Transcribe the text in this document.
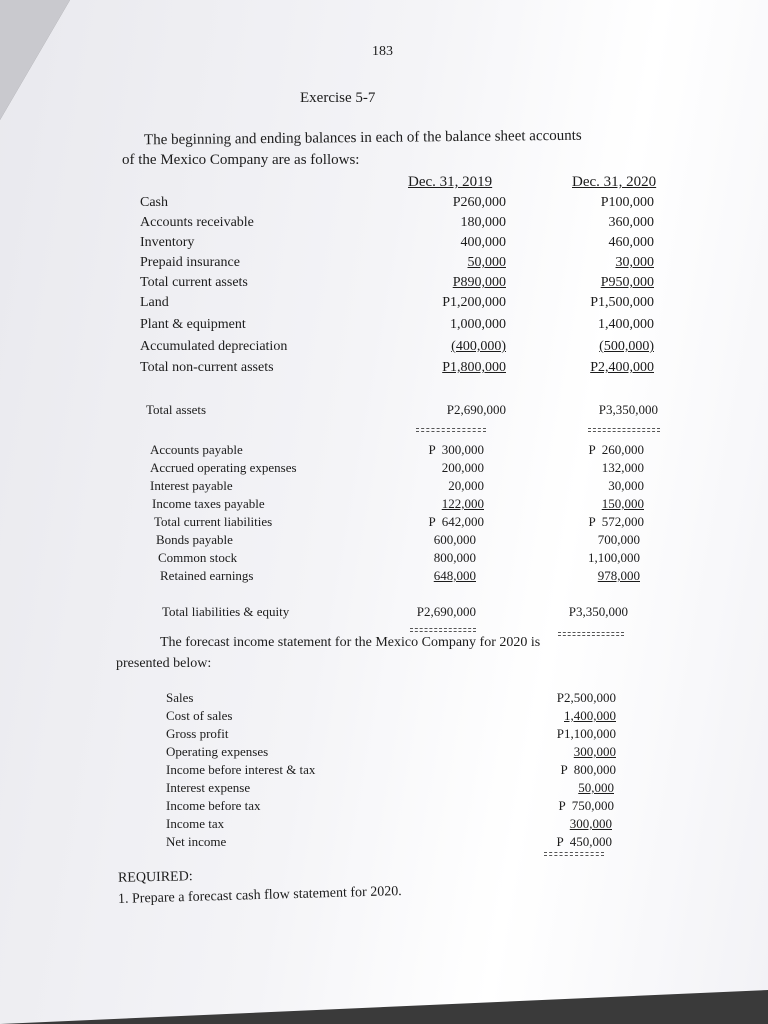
183
Exercise 5-7
The beginning and ending balances in each of the balance sheet accounts
of the Mexico Company are as follows:
Dec. 31, 2019	Dec. 31, 2020
Cash	P260,000	P100,000
Accounts receivable	180,000	360,000
Inventory	400,000	460,000
Prepaid insurance	50,000	30,000
Total current assets	P890,000	P950,000
Land	P1,200,000	P1,500,000
Plant & equipment	1,000,000	1,400,000
Accumulated depreciation	(400,000)	(500,000)
Total non-current assets	P1,800,000	P2,400,000
Total assets	P2,690,000	P3,350,000
Accounts payable	P  300,000	P  260,000
Accrued operating expenses	200,000	132,000
Interest payable	20,000	30,000
Income taxes payable	122,000	150,000
Total current liabilities	P  642,000	P  572,000
Bonds payable	600,000	700,000
Common stock	800,000	1,100,000
Retained earnings	648,000	978,000
Total liabilities & equity	P2,690,000	P3,350,000
The forecast income statement for the Mexico Company for 2020 is
presented below:
Sales	P2,500,000
Cost of sales	1,400,000
Gross profit	P1,100,000
Operating expenses	300,000
Income before interest & tax	P  800,000
Interest expense	50,000
Income before tax	P  750,000
Income tax	300,000
Net income	P  450,000
REQUIRED:
1. Prepare a forecast cash flow statement for 2020.
